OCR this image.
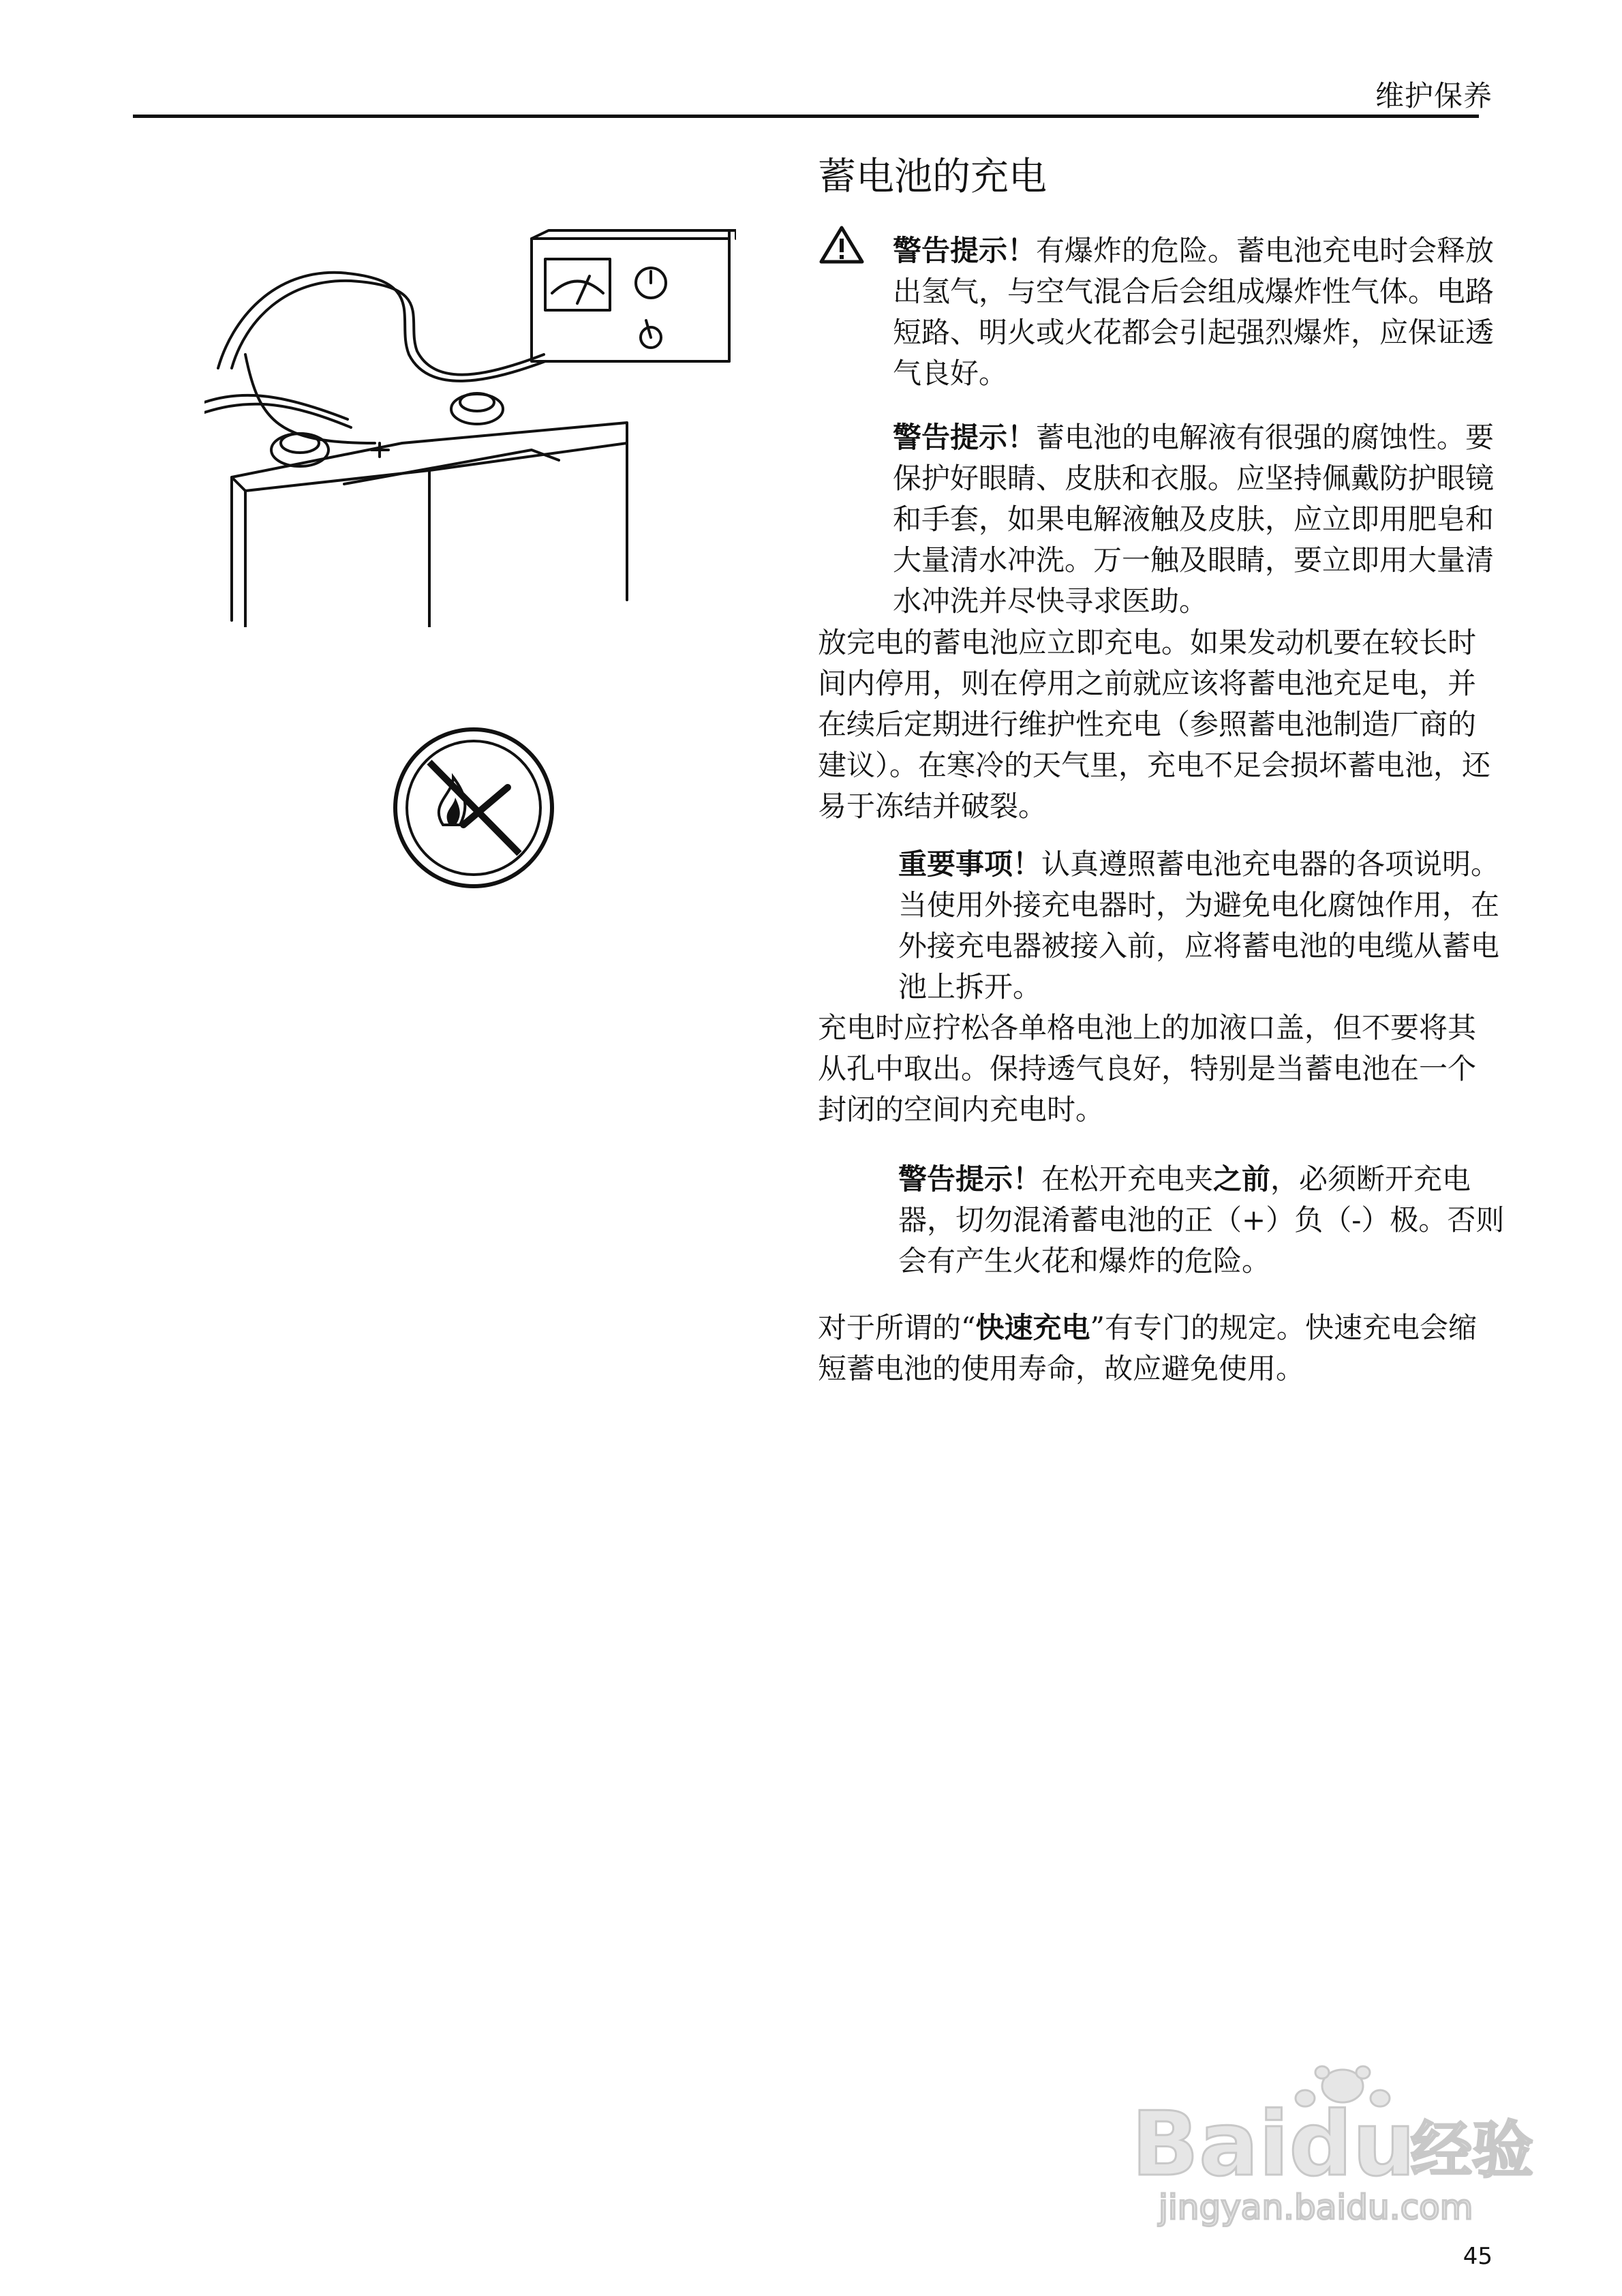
维护保养
蓄电池的充电

警告提示！有爆炸的危险。蓄电池充电时会释放出氢气，与空气混合后会组成爆炸性气体。电路短路、明火或火花都会引起强烈爆炸，应保证透气良好。

警告提示！蓄电池的电解液有很强的腐蚀性。要保护好眼睛、皮肤和衣服。应坚持佩戴防护眼镜和手套，如果电解液触及皮肤，应立即用肥皂和大量清水冲洗。万一触及眼睛，要立即用大量清水冲洗并尽快寻求医助。

放完电的蓄电池应立即充电。如果发动机要在较长时间内停用，则在停用之前就应该将蓄电池充足电，并在续后定期进行维护性充电（参照蓄电池制造厂商的建议）。在寒冷的天气里，充电不足会损坏蓄电池，还易于冻结并破裂。

重要事项！认真遵照蓄电池充电器的各项说明。当使用外接充电器时，为避免电化腐蚀作用，在外接充电器被接入前，应将蓄电池的电缆从蓄电池上拆开。

充电时应拧松各单格电池上的加液口盖，但不要将其从孔中取出。保持透气良好，特别是当蓄电池在一个封闭的空间内充电时。

警告提示！在松开充电夹之前，必须断开充电器，切勿混淆蓄电池的正（+）负（-）极。否则会有产生火花和爆炸的危险。

对于所谓的“快速充电”有专门的规定。快速充电会缩短蓄电池的使用寿命，故应避免使用。

Baidu
经验
jingyan.baidu.com
45
